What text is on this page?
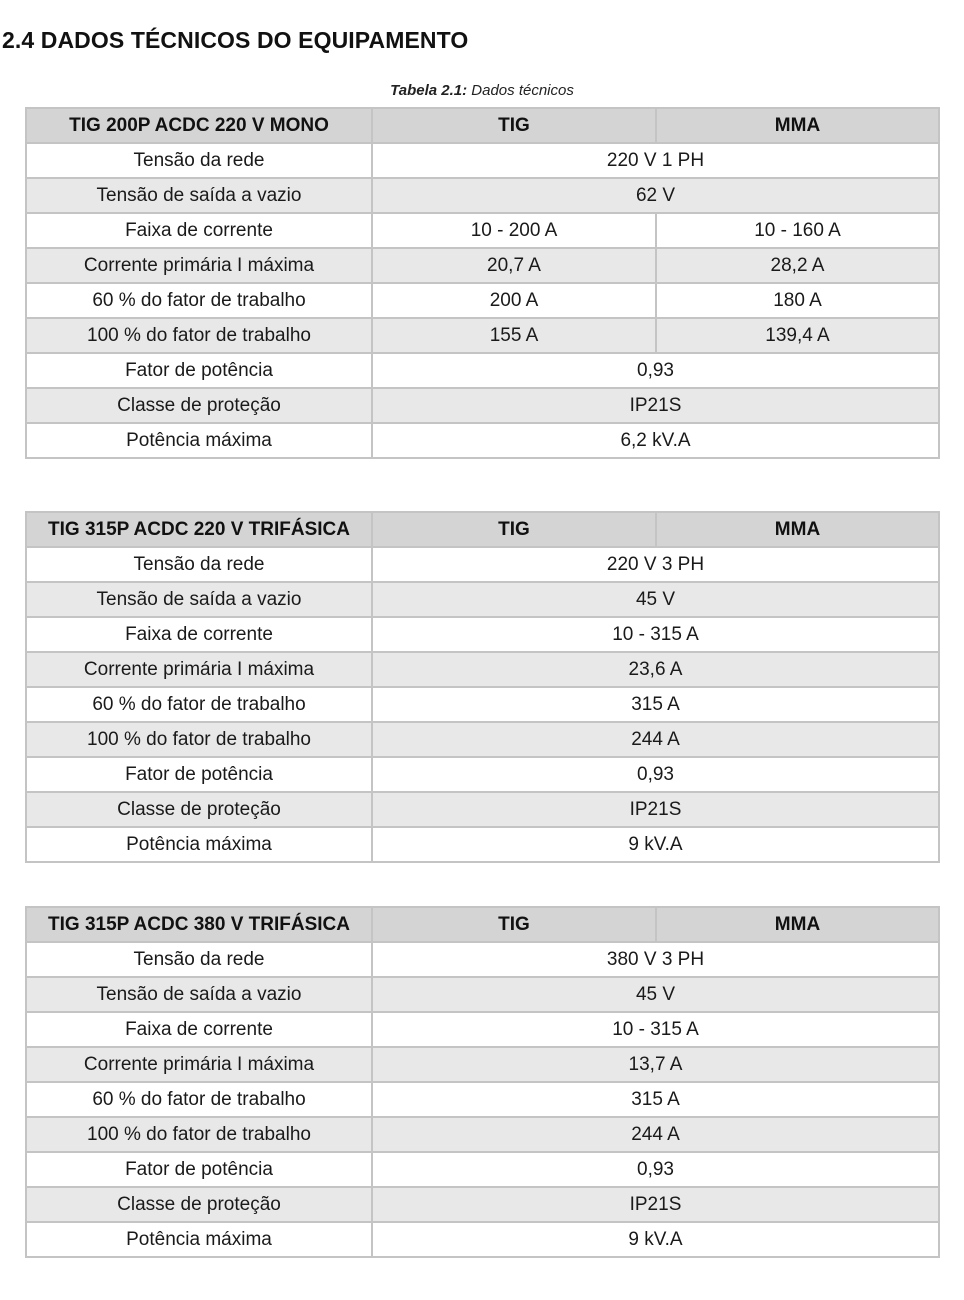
2.4 DADOS TÉCNICOS DO EQUIPAMENTO
Tabela 2.1: Dados técnicos
TIG 200P ACDC 220 V MONO	TIG	MMA
Tensão da rede	220 V 1 PH	
Tensão de saída a vazio	62 V	
Faixa de corrente	10 - 200 A	10 - 160 A
Corrente primária I máxima	20,7 A	28,2 A
60 % do fator de trabalho	200 A	180 A
100 % do fator de trabalho	155 A	139,4 A
Fator de potência	0,93	
Classe de proteção	IP21S	
Potência máxima	6,2 kV.A	
TIG 315P ACDC 220 V TRIFÁSICA	TIG	MMA
Tensão da rede	220 V 3 PH	
Tensão de saída a vazio	45 V	
Faixa de corrente	10 - 315 A	
Corrente primária I máxima	23,6 A	
60 % do fator de trabalho	315 A	
100 % do fator de trabalho	244 A	
Fator de potência	0,93	
Classe de proteção	IP21S	
Potência máxima	9 kV.A	
TIG 315P ACDC 380 V TRIFÁSICA	TIG	MMA
Tensão da rede	380 V 3 PH	
Tensão de saída a vazio	45 V	
Faixa de corrente	10 - 315 A	
Corrente primária I máxima	13,7 A	
60 % do fator de trabalho	315 A	
100 % do fator de trabalho	244 A	
Fator de potência	0,93	
Classe de proteção	IP21S	
Potência máxima	9 kV.A	
